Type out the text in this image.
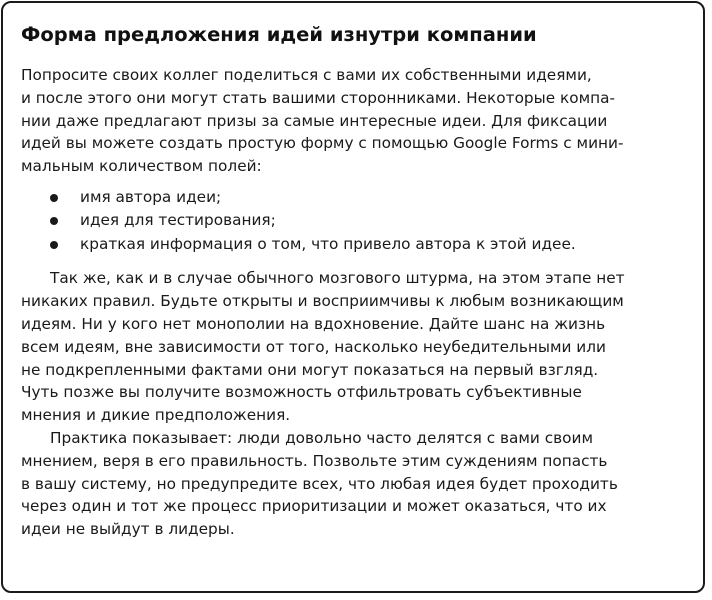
Форма предложения идей изнутри компании
Попросите своих коллег поделиться с вами их собственными идеями,
и после этого они могут стать вашими сторонниками. Некоторые компа-
нии даже предлагают призы за самые интересные идеи. Для фиксации
идей вы можете создать простую форму с помощью Google Forms с мини-
мальным количеством полей:
имя автора идеи;
идея для тестирования;
краткая информация о том, что привело автора к этой идее.
Так же, как и в случае обычного мозгового штурма, на этом этапе нет
никаких правил. Будьте открыты и восприимчивы к любым возникающим
идеям. Ни у кого нет монополии на вдохновение. Дайте шанс на жизнь
всем идеям, вне зависимости от того, насколько неубедительными или
не подкрепленными фактами они могут показаться на первый взгляд.
Чуть позже вы получите возможность отфильтровать субъективные
мнения и дикие предположения.
Практика показывает: люди довольно часто делятся с вами своим
мнением, веря в его правильность. Позвольте этим суждениям попасть
в вашу систему, но предупредите всех, что любая идея будет проходить
через один и тот же процесс приоритизации и может оказаться, что их
идеи не выйдут в лидеры.
